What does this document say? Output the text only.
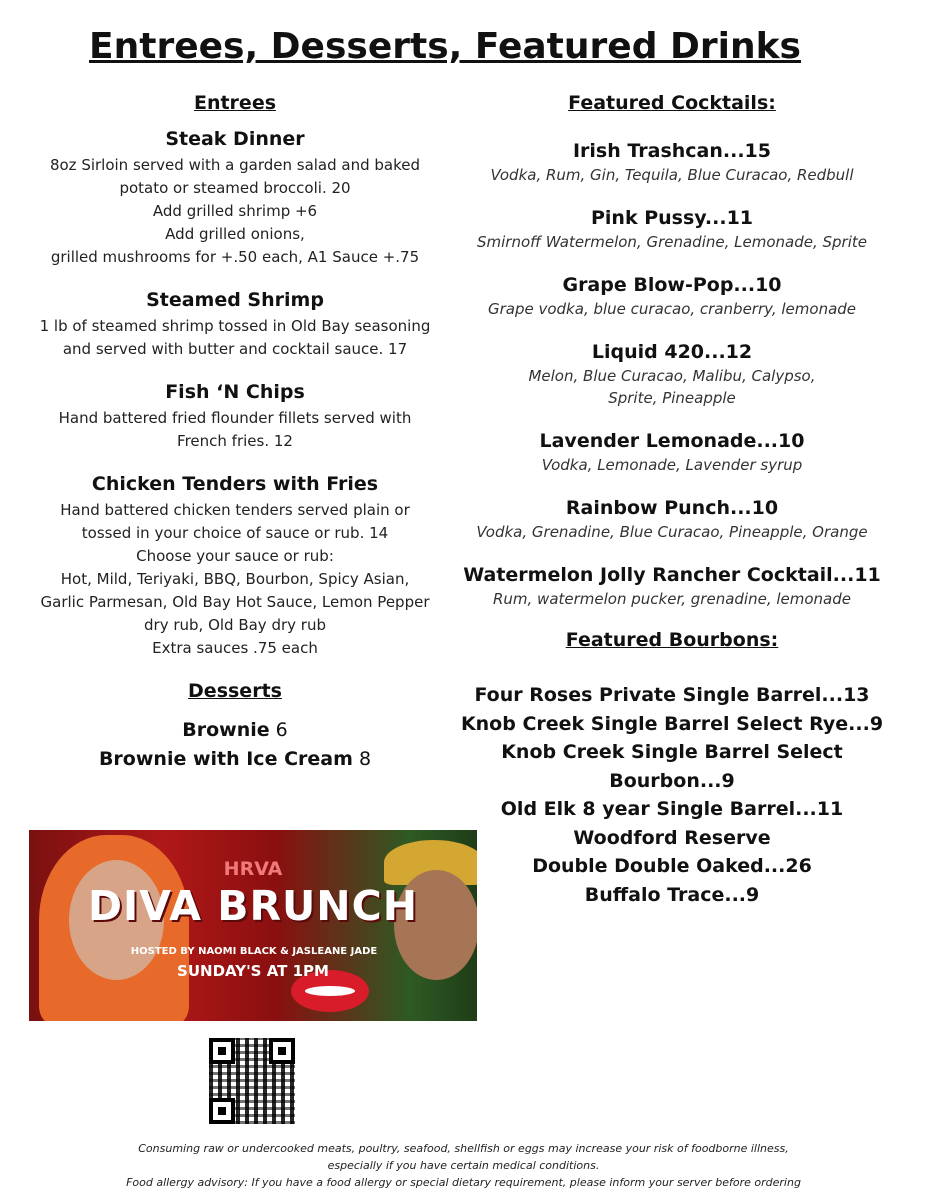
Entrees, Desserts, Featured Drinks
Entrees
Steak Dinner
8oz Sirloin served with a garden salad and baked
potato or steamed broccoli. 20
Add grilled shrimp +6
Add grilled onions,
grilled mushrooms for +.50 each, A1 Sauce +.75
Steamed Shrimp
1 lb of steamed shrimp tossed in Old Bay seasoning
and served with butter and cocktail sauce. 17
Fish ‘N Chips
Hand battered fried flounder fillets served with
French fries. 12
Chicken Tenders with Fries
Hand battered chicken tenders served plain or
tossed in your choice of sauce or rub. 14
Choose your sauce or rub:
Hot, Mild, Teriyaki, BBQ, Bourbon, Spicy Asian,
Garlic Parmesan, Old Bay Hot Sauce, Lemon Pepper
dry rub, Old Bay dry rub
Extra sauces .75 each
Desserts
Brownie 6
Brownie with Ice Cream 8
HRVA
DIVA BRUNCH
HOSTED BY NAOMI BLACK & JASLEANE JADE
SUNDAY'S AT 1PM
Featured Cocktails:
Irish Trashcan...15
Vodka, Rum, Gin, Tequila, Blue Curacao, Redbull
Pink Pussy...11
Smirnoff Watermelon, Grenadine, Lemonade, Sprite
Grape Blow-Pop...10
Grape vodka, blue curacao, cranberry, lemonade
Liquid 420...12
Melon, Blue Curacao, Malibu, Calypso,
Sprite, Pineapple
Lavender Lemonade...10
Vodka, Lemonade, Lavender syrup
Rainbow Punch...10
Vodka, Grenadine, Blue Curacao, Pineapple, Orange
Watermelon Jolly Rancher Cocktail...11
Rum, watermelon pucker, grenadine, lemonade
Featured Bourbons:
Four Roses Private Single Barrel...13
Knob Creek Single Barrel Select Rye...9
Knob Creek Single Barrel Select Bourbon...9
Old Elk 8 year Single Barrel...11
Woodford Reserve
Double Double Oaked...26
Buffalo Trace...9
Consuming raw or undercooked meats, poultry, seafood, shellfish or eggs may increase your risk of foodborne illness,
especially if you have certain medical conditions.
Food allergy advisory: If you have a food allergy or special dietary requirement, please inform your server before ordering
